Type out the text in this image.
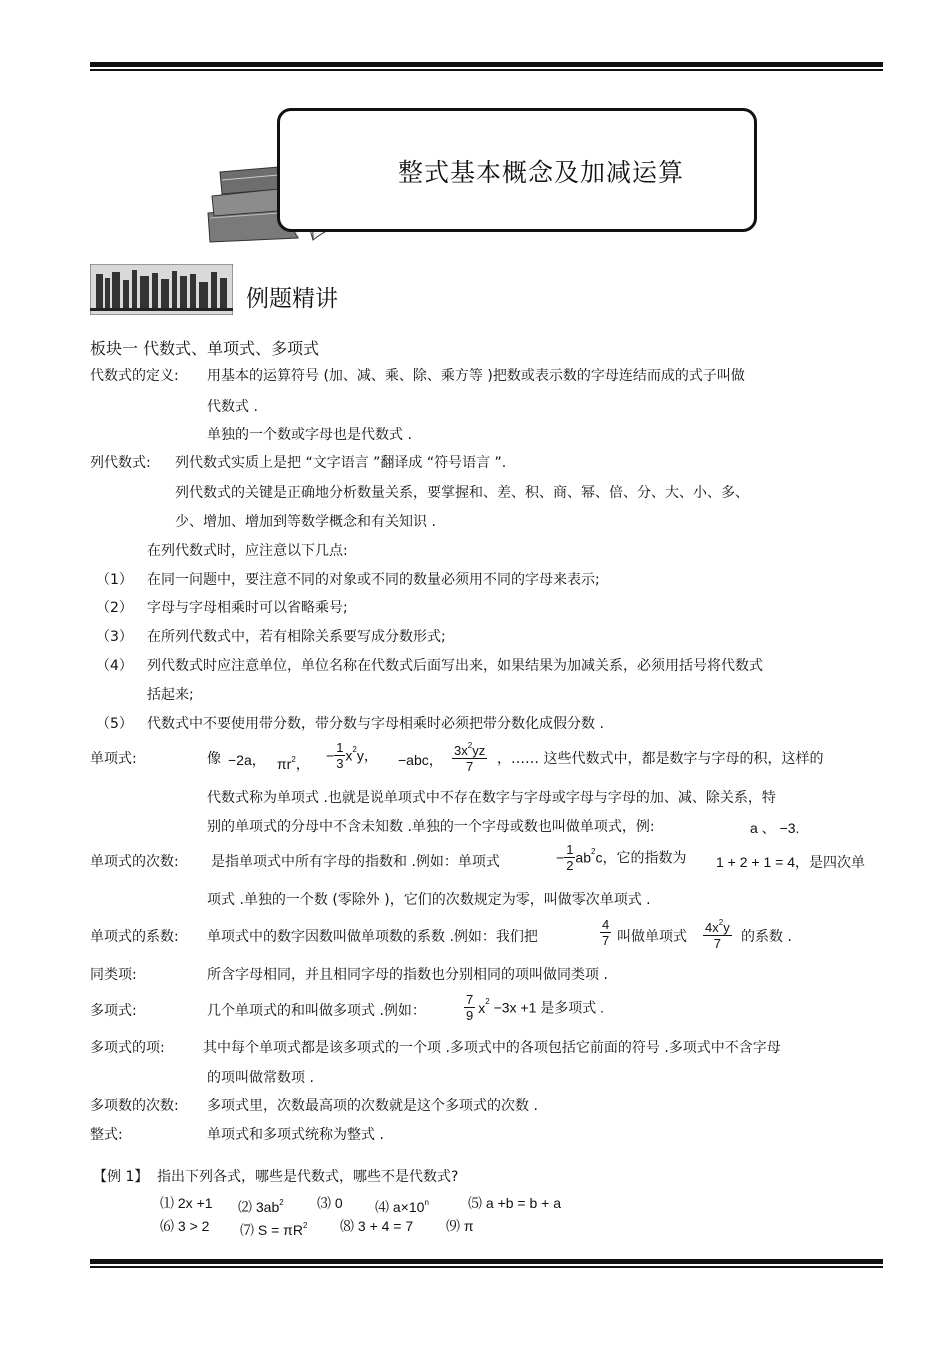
整式基本概念及加减运算
例题精讲
板块一 代数式、单项式、多项式
代数式的定义: 用基本的运算符号 (加、减、乘、除、乘方等 )把数或表示数的字母连结而成的式子叫做
代数式 .
单独的一个数或字母也是代数式 .
列代数式: 列代数式实质上是把 “文字语言 ”翻译成 “符号语言 ”.
列代数式的关键是正确地分析数量关系，要掌握和、差、积、商、幂、倍、分、大、小、多、
少、增加、增加到等数学概念和有关知识 .
在列代数式时，应注意以下几点:
（1） 在同一问题中，要注意不同的对象或不同的数量必须用不同的字母来表示;
（2） 字母与字母相乘时可以省略乘号;
（3） 在所列代数式中，若有相除关系要写成分数形式;
（4） 列代数式时应注意单位，单位名称在代数式后面写出来，如果结果为加减关系，必须用括号将代数式
括起来;
（5） 代数式中不要使用带分数，带分数与字母相乘时必须把带分数化成假分数 .
单项式:	像 −2a， $\pi r^2$，
− $\frac{1}{3} x^2y$， −abc， $\frac{3x^2yz}{7}$ ，…… 这些代数式中，都是数字与字母的积，这样的
代数式称为单项式 .也就是说单项式中不存在数字与字母或字母与字母的加、减、除关系，特
别的单项式的分母中不含未知数 .单独的一个字母或数也叫做单项式，例:	a 、 −3.
单项式的次数: 是指单项式中所有字母的指数和 .例如：单项式	− $\frac{1}{2} ab^2c$，它的指数为 1 + 2 + 1 = 4，是四次单
项式 .单独的一个数 (零除外 )，它们的次数规定为零，叫做零次单项式 .
单项式的系数: 单项式中的数字因数叫做单项数的系数 .例如：我们把	$\frac{4}{7}$ 叫做单项式 $\frac{4x^2y}{7}$ 的系数 .
同类项:	所含字母相同，并且相同字母的指数也分别相同的项叫做同类项 .
多项式:	几个单项式的和叫做多项式 .例如：	$\frac{7}{9} x^2 -3x +1$ 是多项式 .
多项式的项:	其中每个单项式都是该多项式的一个项 .多项式中的各项包括它前面的符号 .多项式中不含字母
的项叫做常数项 .
多项数的次数: 多项式里，次数最高项的次数就是这个多项式的次数 .
整式:	单项式和多项式统称为整式 .
【例 1】 指出下列各式，哪些是代数式，哪些不是代数式?
⑴ 2x +1 ⑵ $3ab^2$ ⑶ 0 ⑷ $a\times 10^n$	⑸ a +b = b + a
⑹ 3 > 2 ⑺ $S = \pi R^2$ ⑻ 3 + 4 = 7 ⑼ π
